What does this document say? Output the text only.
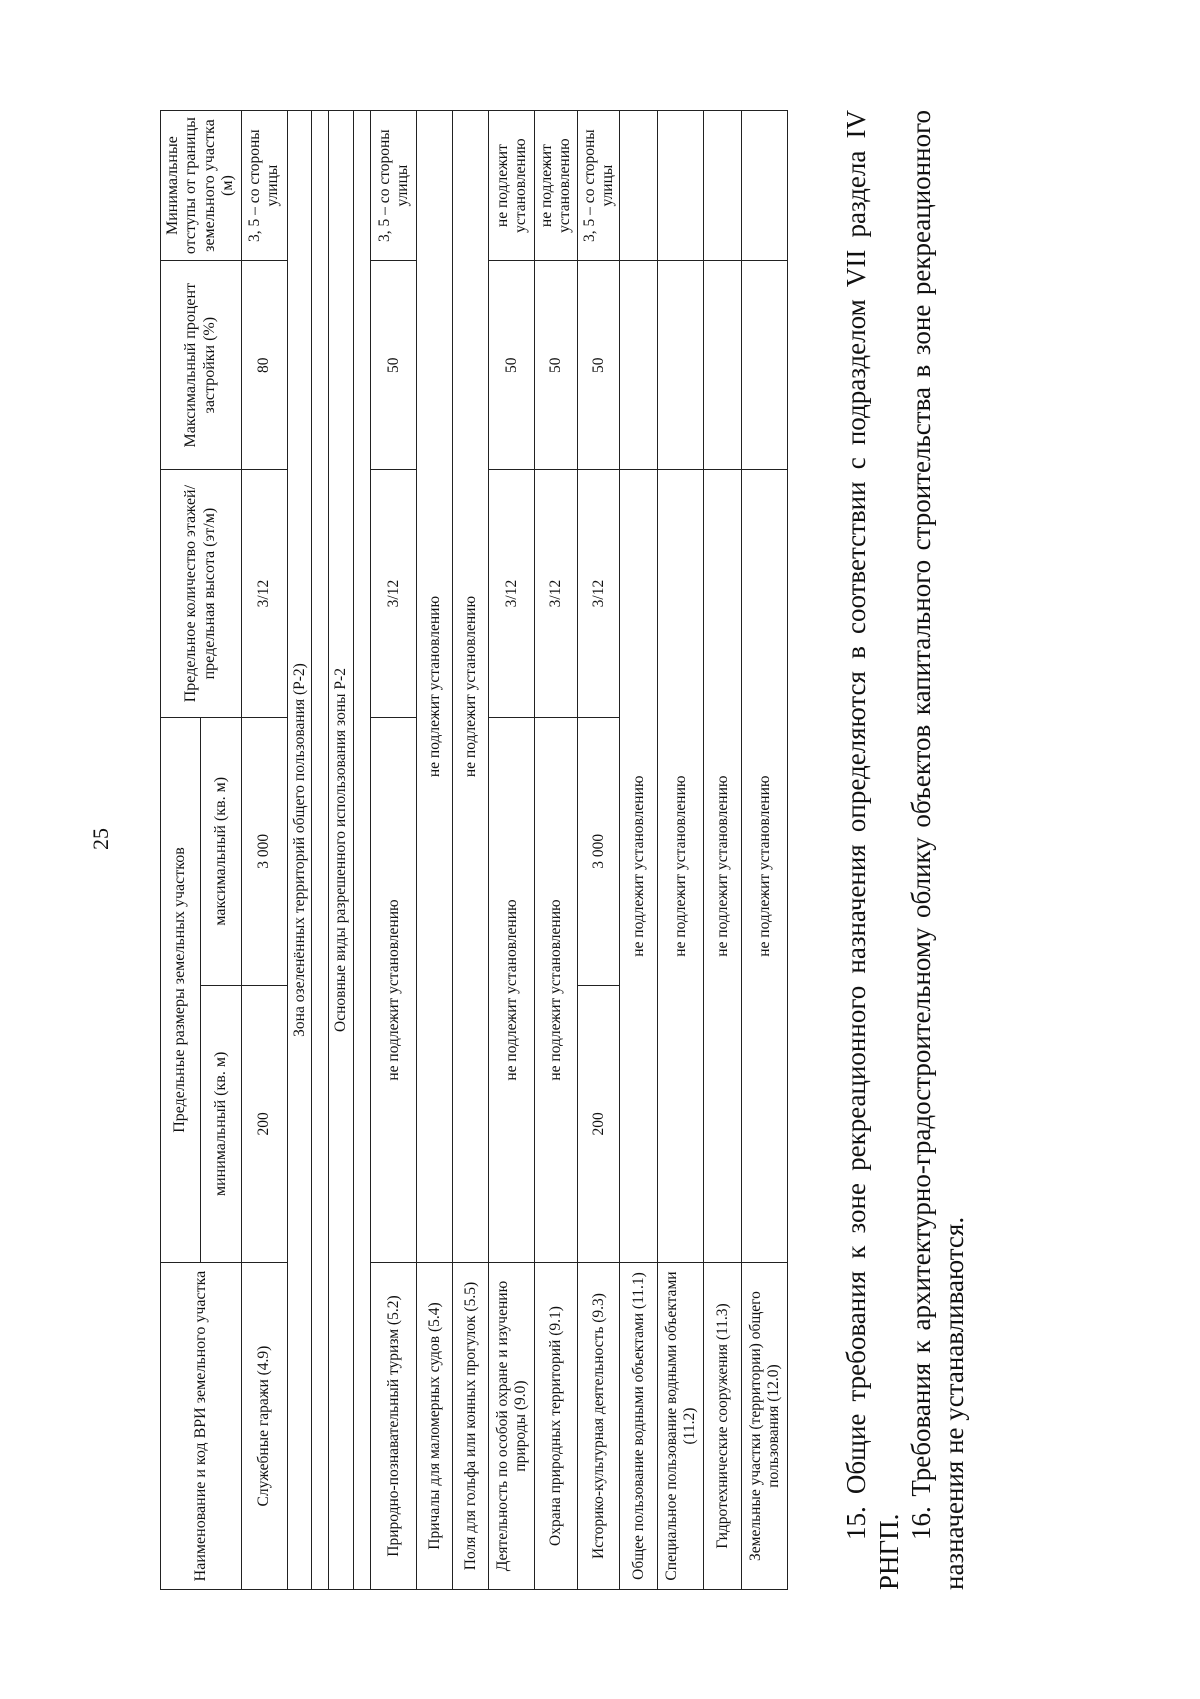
25
Наименование и код ВРИ земельного участка	Предельные размеры земельных участков		Предельное количество этажей/предельная высота (эт/м)	Максимальный процент застройки (%)	Минимальные отступы от границы земельного участка (м)
	минимальный (кв. м)	максимальный (кв. м)			
Служебные гаражи (4.9)	200	3 000	3/12	80	3, 5 – со стороны улицы
Зона озеленённых территорий общего пользования (Р-2)					

Основные виды разрешенного использования зоны Р-2					

Природно-познавательный туризм (5.2)	не подлежит установлению		3/12	50	3, 5 – со стороны улицы
Причалы для маломерных судов (5.4)	не подлежит установлению				
Поля для гольфа или конных прогулок (5.5)	не подлежит установлению				
Деятельность по особой охране и изучению природы (9.0)	не подлежит установлению		3/12	50	не подлежит установлению
Охрана природных территорий (9.1)	не подлежит установлению		3/12	50	не подлежит установлению
Историко-культурная деятельность (9.3)	200	3 000	3/12	50	3, 5 – со стороны улицы
Общее пользование водными объектами (11.1)	не подлежит установлению				
Специальное пользование водными объектами (11.2)	не подлежит установлению				
Гидротехнические сооружения (11.3)	не подлежит установлению				
Земельные участки (территории) общего пользования (12.0)	не подлежит установлению					15. Общие требования к зоне рекреационного назначения определяются в соответствии с подразделом VII раздела IV РНГП.

16. Требования к архитектурно-градостроительному облику объектов капитального строительства в зоне рекреационного назначения не устанавливаются.
